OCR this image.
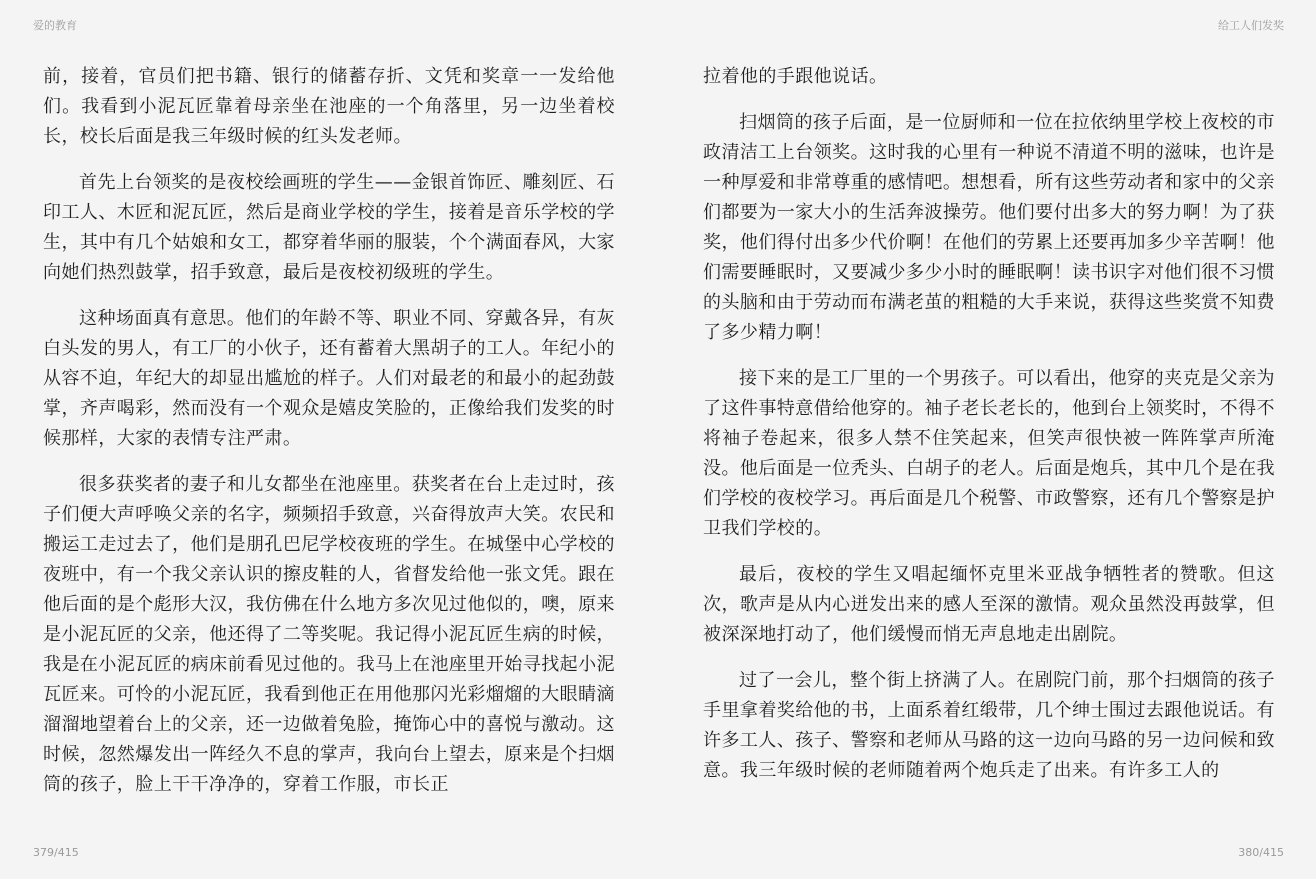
爱的教育	给工人们发奖

前，接着，官员们把书籍、银行的储蓄存折、文凭和奖章一一发给他们。我看到小泥瓦匠靠着母亲坐在池座的一个角落里，另一边坐着校长，校长后面是我三年级时候的红头发老师。

首先上台领奖的是夜校绘画班的学生——金银首饰匠、雕刻匠、石印工人、木匠和泥瓦匠，然后是商业学校的学生，接着是音乐学校的学生，其中有几个姑娘和女工，都穿着华丽的服装，个个满面春风，大家向她们热烈鼓掌，招手致意，最后是夜校初级班的学生。

这种场面真有意思。他们的年龄不等、职业不同、穿戴各异，有灰白头发的男人，有工厂的小伙子，还有蓄着大黑胡子的工人。年纪小的从容不迫，年纪大的却显出尴尬的样子。人们对最老的和最小的起劲鼓掌，齐声喝彩，然而没有一个观众是嬉皮笑脸的，正像给我们发奖的时候那样，大家的表情专注严肃。

很多获奖者的妻子和儿女都坐在池座里。获奖者在台上走过时，孩子们便大声呼唤父亲的名字，频频招手致意，兴奋得放声大笑。农民和搬运工走过去了，他们是朋孔巴尼学校夜班的学生。在城堡中心学校的夜班中，有一个我父亲认识的擦皮鞋的人，省督发给他一张文凭。跟在他后面的是个彪形大汉，我仿佛在什么地方多次见过他似的，噢，原来是小泥瓦匠的父亲，他还得了二等奖呢。我记得小泥瓦匠生病的时候，我是在小泥瓦匠的病床前看见过他的。我马上在池座里开始寻找起小泥瓦匠来。可怜的小泥瓦匠，我看到他正在用他那闪光彩熘熘的大眼睛滴溜溜地望着台上的父亲，还一边做着兔脸，掩饰心中的喜悦与激动。这时候，忽然爆发出一阵经久不息的掌声，我向台上望去，原来是个扫烟筒的孩子，脸上干干净净的，穿着工作服，市长正

拉着他的手跟他说话。

扫烟筒的孩子后面，是一位厨师和一位在拉依纳里学校上夜校的市政清洁工上台领奖。这时我的心里有一种说不清道不明的滋味，也许是一种厚爱和非常尊重的感情吧。想想看，所有这些劳动者和家中的父亲们都要为一家大小的生活奔波操劳。他们要付出多大的努力啊！为了获奖，他们得付出多少代价啊！在他们的劳累上还要再加多少辛苦啊！他们需要睡眠时，又要减少多少小时的睡眠啊！读书识字对他们很不习惯的头脑和由于劳动而布满老茧的粗糙的大手来说，获得这些奖赏不知费了多少精力啊！

接下来的是工厂里的一个男孩子。可以看出，他穿的夹克是父亲为了这件事特意借给他穿的。袖子老长老长的，他到台上领奖时，不得不将袖子卷起来，很多人禁不住笑起来，但笑声很快被一阵阵掌声所淹没。他后面是一位秃头、白胡子的老人。后面是炮兵，其中几个是在我们学校的夜校学习。再后面是几个税警、市政警察，还有几个警察是护卫我们学校的。

最后，夜校的学生又唱起缅怀克里米亚战争牺牲者的赞歌。但这次，歌声是从内心迸发出来的感人至深的激情。观众虽然没再鼓掌，但被深深地打动了，他们缓慢而悄无声息地走出剧院。

过了一会儿，整个街上挤满了人。在剧院门前，那个扫烟筒的孩子手里拿着奖给他的书，上面系着红缎带，几个绅士围过去跟他说话。有许多工人、孩子、警察和老师从马路的这一边向马路的另一边问候和致意。我三年级时候的老师随着两个炮兵走了出来。有许多工人的

379/415	380/415
